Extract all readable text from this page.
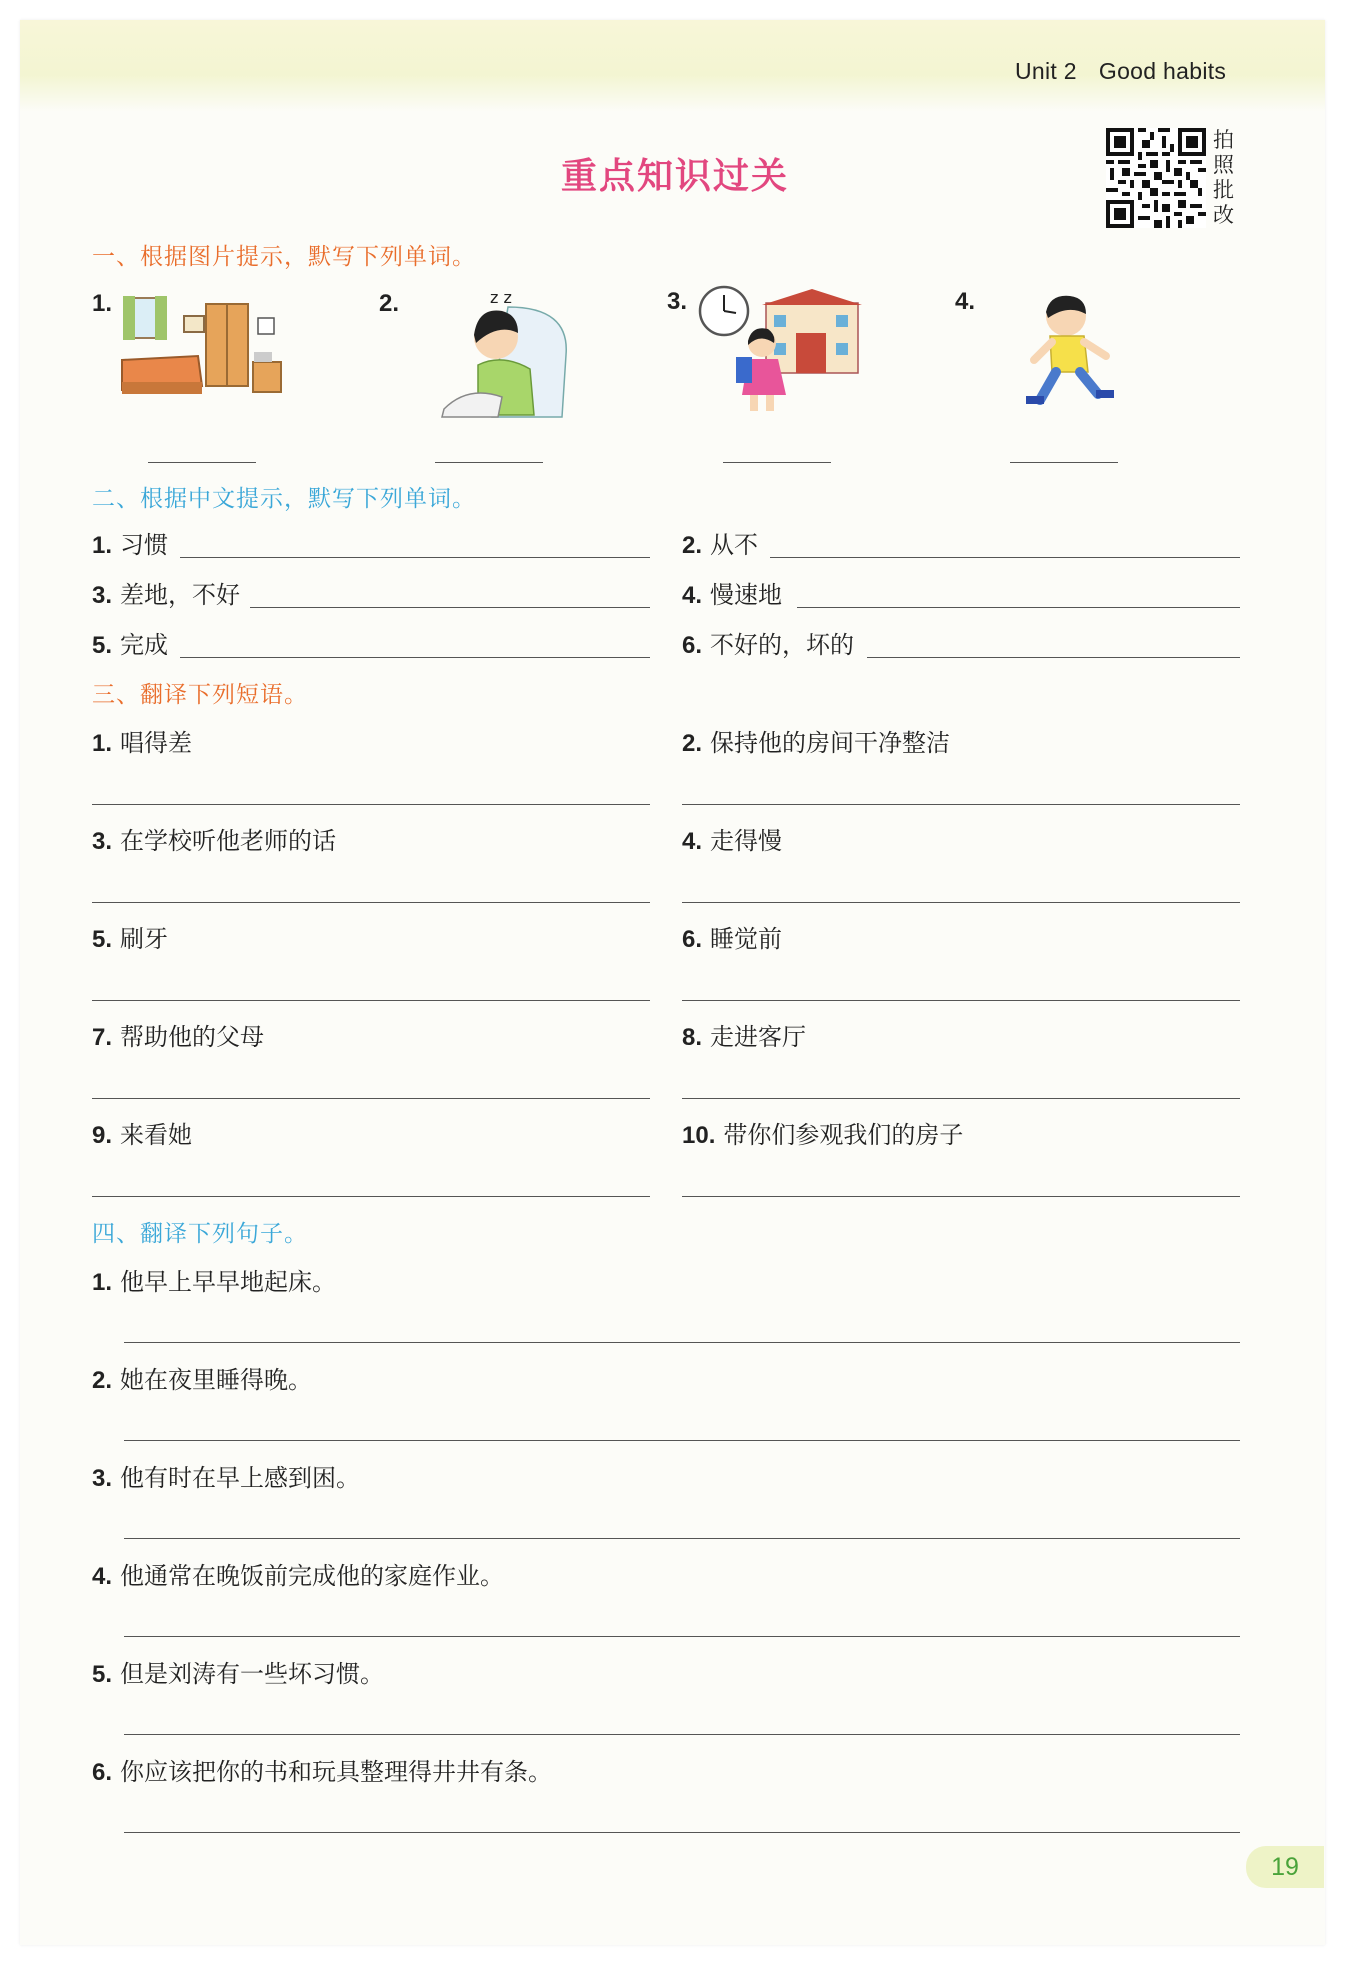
Unit 2 Good habits
拍
照
批
改
重点知识过关
一、根据图片提示，默写下列单词。
1.	2.	3.	4.
z z
二、根据中文提示，默写下列单词。
1. 习惯	2. 从不
3. 差地，不好	4. 慢速地
5. 完成	6. 不好的，坏的
三、翻译下列短语。
1. 唱得差	2. 保持他的房间干净整洁
3. 在学校听他老师的话	4. 走得慢
5. 刷牙	6. 睡觉前
7. 帮助他的父母	8. 走进客厅
9. 来看她	10. 带你们参观我们的房子
四、翻译下列句子。
1. 他早上早早地起床。
2. 她在夜里睡得晚。
3. 他有时在早上感到困。
4. 他通常在晚饭前完成他的家庭作业。
5. 但是刘涛有一些坏习惯。
6. 你应该把你的书和玩具整理得井井有条。
19
